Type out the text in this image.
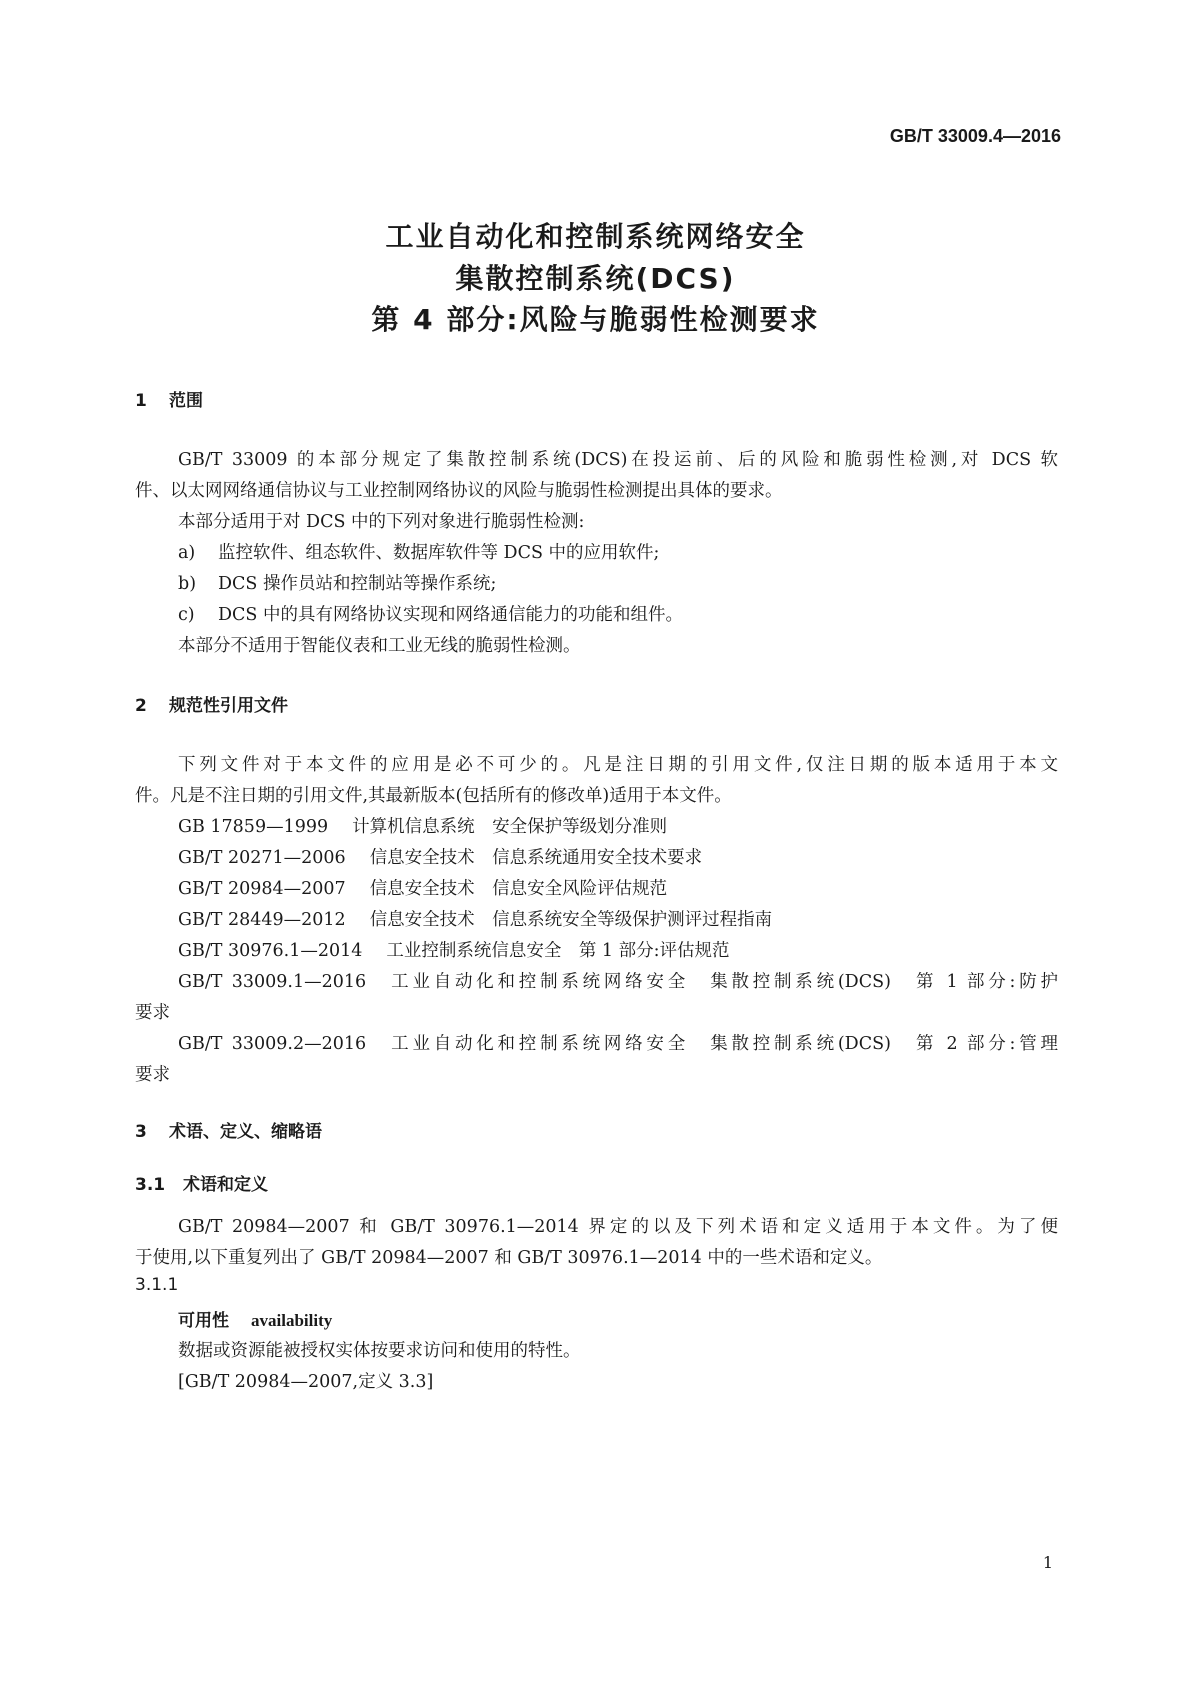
GB/T 33009.4—2016
工业自动化和控制系统网络安全
集散控制系统(DCS)
第 4 部分:风险与脆弱性检测要求
1 范围
GB/T 33009 的本部分规定了集散控制系统(DCS)在投运前、后的风险和脆弱性检测,对 DCS 软
件、以太网网络通信协议与工业控制网络协议的风险与脆弱性检测提出具体的要求。
本部分适用于对 DCS 中的下列对象进行脆弱性检测:
a) 监控软件、组态软件、数据库软件等 DCS 中的应用软件;
b) DCS 操作员站和控制站等操作系统;
c) DCS 中的具有网络协议实现和网络通信能力的功能和组件。
本部分不适用于智能仪表和工业无线的脆弱性检测。
2 规范性引用文件
下列文件对于本文件的应用是必不可少的。凡是注日期的引用文件,仅注日期的版本适用于本文
件。凡是不注日期的引用文件,其最新版本(包括所有的修改单)适用于本文件。
GB 17859—1999 计算机信息系统　安全保护等级划分准则
GB/T 20271—2006 信息安全技术　信息系统通用安全技术要求
GB/T 20984—2007 信息安全技术　信息安全风险评估规范
GB/T 28449—2012 信息安全技术　信息系统安全等级保护测评过程指南
GB/T 30976.1—2014 工业控制系统信息安全　第 1 部分:评估规范
GB/T 33009.1—2016　工业自动化和控制系统网络安全　集散控制系统(DCS)　第 1 部分:防护
要求
GB/T 33009.2—2016　工业自动化和控制系统网络安全　集散控制系统(DCS)　第 2 部分:管理
要求
3 术语、定义、缩略语
3.1 术语和定义
GB/T 20984—2007 和 GB/T 30976.1—2014 界定的以及下列术语和定义适用于本文件。为了便
于使用,以下重复列出了 GB/T 20984—2007 和 GB/T 30976.1—2014 中的一些术语和定义。
3.1.1
可用性 availability
数据或资源能被授权实体按要求访问和使用的特性。
[GB/T 20984—2007,定义 3.3]
1
